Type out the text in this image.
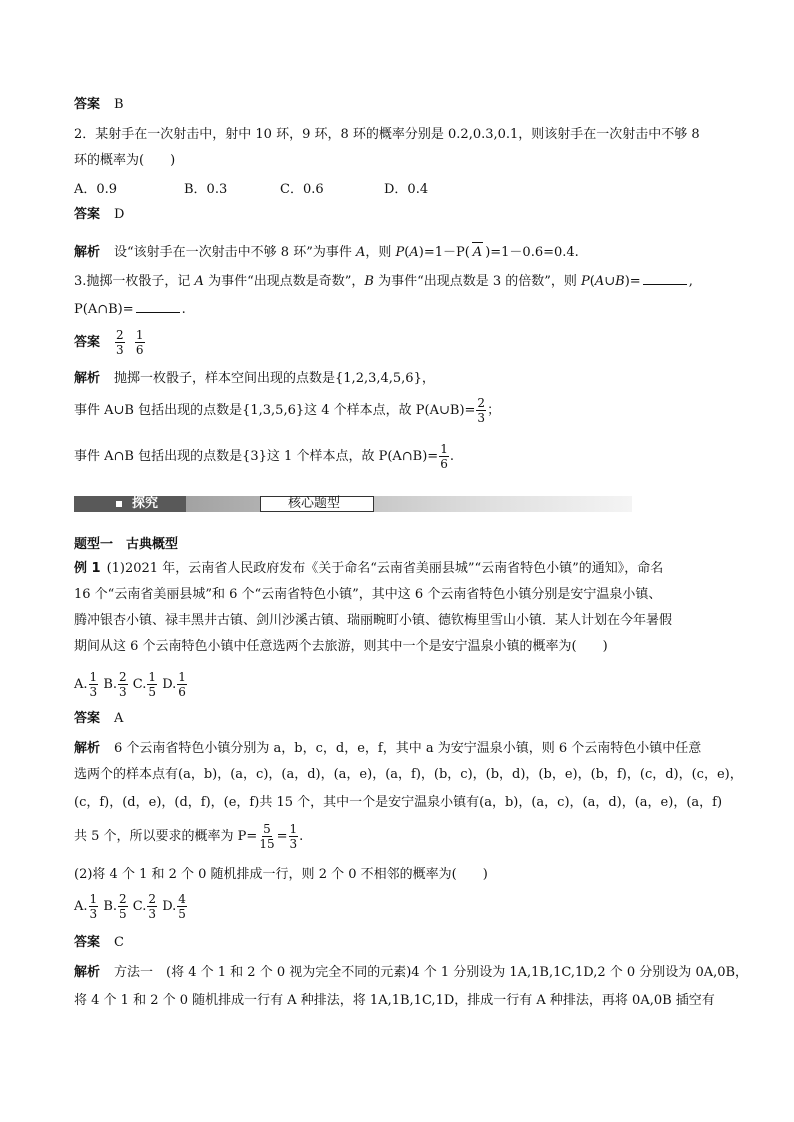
答案 B
2．某射手在一次射击中，射中 10 环，9 环，8 环的概率分别是 0.2,0.3,0.1，则该射手在一次射击中不够 8
环的概率为(　　)
A．0.9	B．0.3	C．0.6	D．0.4
答案 D
解析 设“该射手在一次射击中不够 8 环”为事件 A，则 P(A)=1－P( A )=1－0.6=0.4.
3.抛掷一枚骰子，记 A 为事件“出现点数是奇数”，B 为事件“出现点数是 3 的倍数”，则 P(A∪B)=	,
P(A∩B)=	.
答案 $\frac{2}{3}$
$\frac{1}{6}$
解析 抛掷一枚骰子，样本空间出现的点数是{1,2,3,4,5,6}，
事件 A∪B 包括出现的点数是{1,3,5,6}这 4 个样本点，故 P(A∪B)= $\frac{2}{3}$ ；
事件 A∩B 包括出现的点数是{3}这 1 个样本点，故 P(A∩B)= $\frac{1}{6}$ .
探究	核心题型
题型一　古典概型
例 1 (1)2021 年，云南省人民政府发布《关于命名“云南省美丽县城”“云南省特色小镇”的通知》，命名
16 个“云南省美丽县城”和 6 个“云南省特色小镇”，其中这 6 个云南省特色小镇分别是安宁温泉小镇、
腾冲银杏小镇、禄丰黑井古镇、剑川沙溪古镇、瑞丽畹町小镇、德钦梅里雪山小镇．某人计划在今年暑假
期间从这 6 个云南特色小镇中任意选两个去旅游，则其中一个是安宁温泉小镇的概率为(　　)
A. $\frac{1}{3} B$. $\frac{2}{3} C$. $\frac{1}{5} D$. $\frac{1}{6}$
答案 A
解析 6 个云南省特色小镇分别为 a，b，c，d，e，f，其中 a 为安宁温泉小镇，则 6 个云南特色小镇中任意
选两个的样本点有(a，b)，(a，c)，(a，d)，(a，e)，(a，f)，(b，c)，(b，d)，(b，e)，(b，f)，(c，d)，(c，e)，
(c，f)，(d，e)，(d，f)，(e，f)共 15 个，其中一个是安宁温泉小镇有(a，b)，(a，c)，(a，d)，(a，e)，(a，f)
共 5 个，所以要求的概率为 $P= \frac{5}{15} = \frac{1}{3}$ .
(2)将 4 个 1 和 2 个 0 随机排成一行，则 2 个 0 不相邻的概率为(　　)
A. $\frac{1}{3} B$. $\frac{2}{5} C$. $\frac{2}{3} D$. $\frac{4}{5}$
答案 C
解析 方法一　(将 4 个 1 和 2 个 0 视为完全不同的元素)4 个 1 分别设为 1A,1B,1C,1D,2 个 0 分别设为 0A,0B，
将 4 个 1 和 2 个 0 随机排成一行有 A 种排法，将 1A,1B,1C,1D，排成一行有 A 种排法，再将 0A,0B 插空有
